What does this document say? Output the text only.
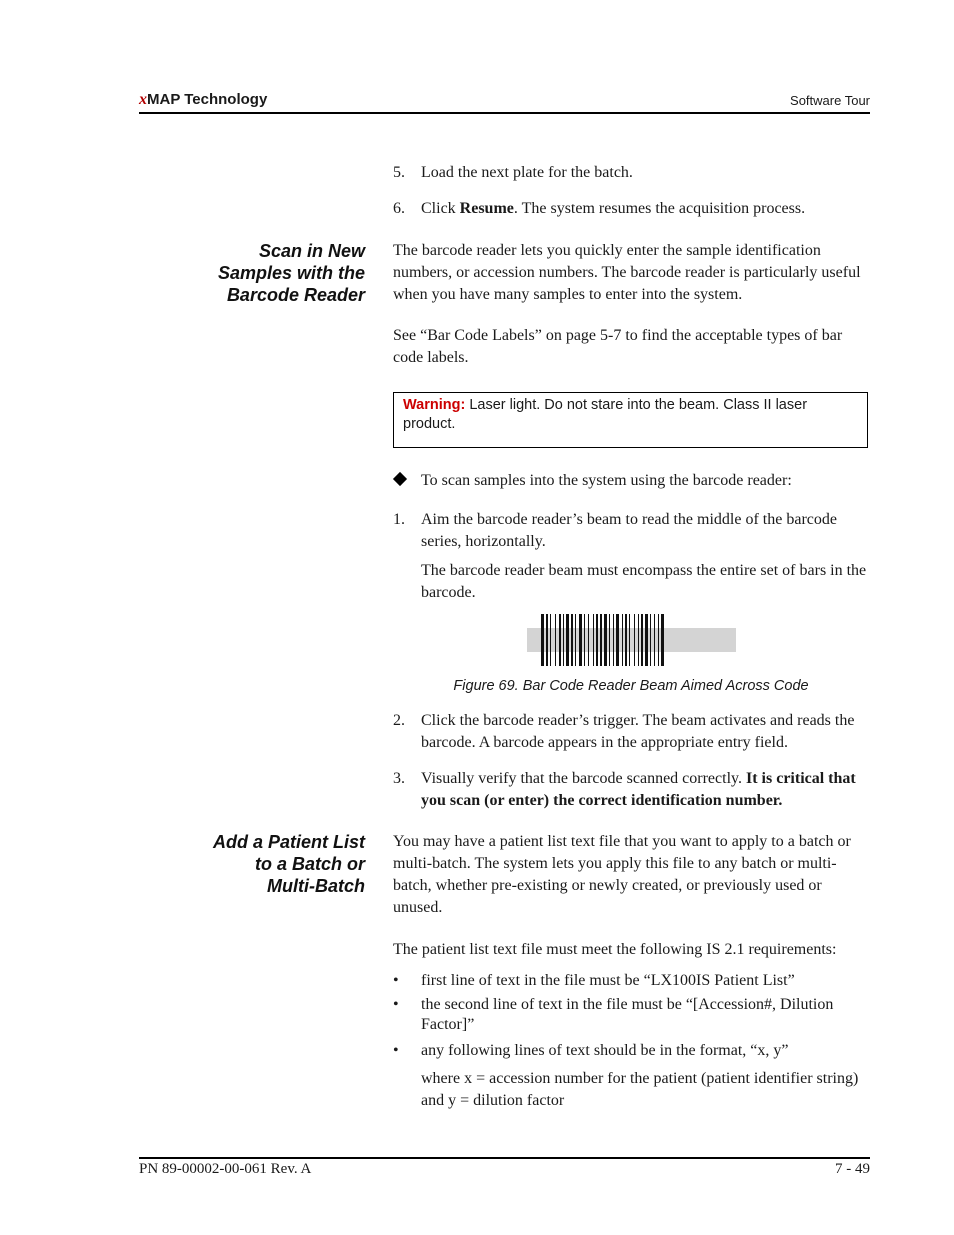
xMAP Technology	Software Tour
5. Load the next plate for the batch.
6. Click Resume. The system resumes the acquisition process.
Scan in New
Samples with the
Barcode Reader
The barcode reader lets you quickly enter the sample identification numbers, or accession numbers. The barcode reader is particularly useful when you have many samples to enter into the system.
See “Bar Code Labels” on page 5-7 to find the acceptable types of bar code labels.
Warning: Laser light. Do not stare into the beam. Class II laser product.
To scan samples into the system using the barcode reader:
1. Aim the barcode reader’s beam to read the middle of the barcode series, horizontally.
The barcode reader beam must encompass the entire set of bars in the barcode.
Figure 69. Bar Code Reader Beam Aimed Across Code
2. Click the barcode reader’s trigger. The beam activates and reads the barcode. A barcode appears in the appropriate entry field.
3. Visually verify that the barcode scanned correctly. It is critical that you scan (or enter) the correct identification number.
Add a Patient List
to a Batch or
Multi-Batch
You may have a patient list text file that you want to apply to a batch or multi-batch. The system lets you apply this file to any batch or multi-batch, whether pre-existing or newly created, or previously used or unused.
The patient list text file must meet the following IS 2.1 requirements:
• first line of text in the file must be “LX100IS Patient List”
• the second line of text in the file must be “[Accession#, Dilution Factor]”
• any following lines of text should be in the format, “x, y”
where x = accession number for the patient (patient identifier string) and y = dilution factor
PN 89-00002-00-061 Rev. A	7 - 49
